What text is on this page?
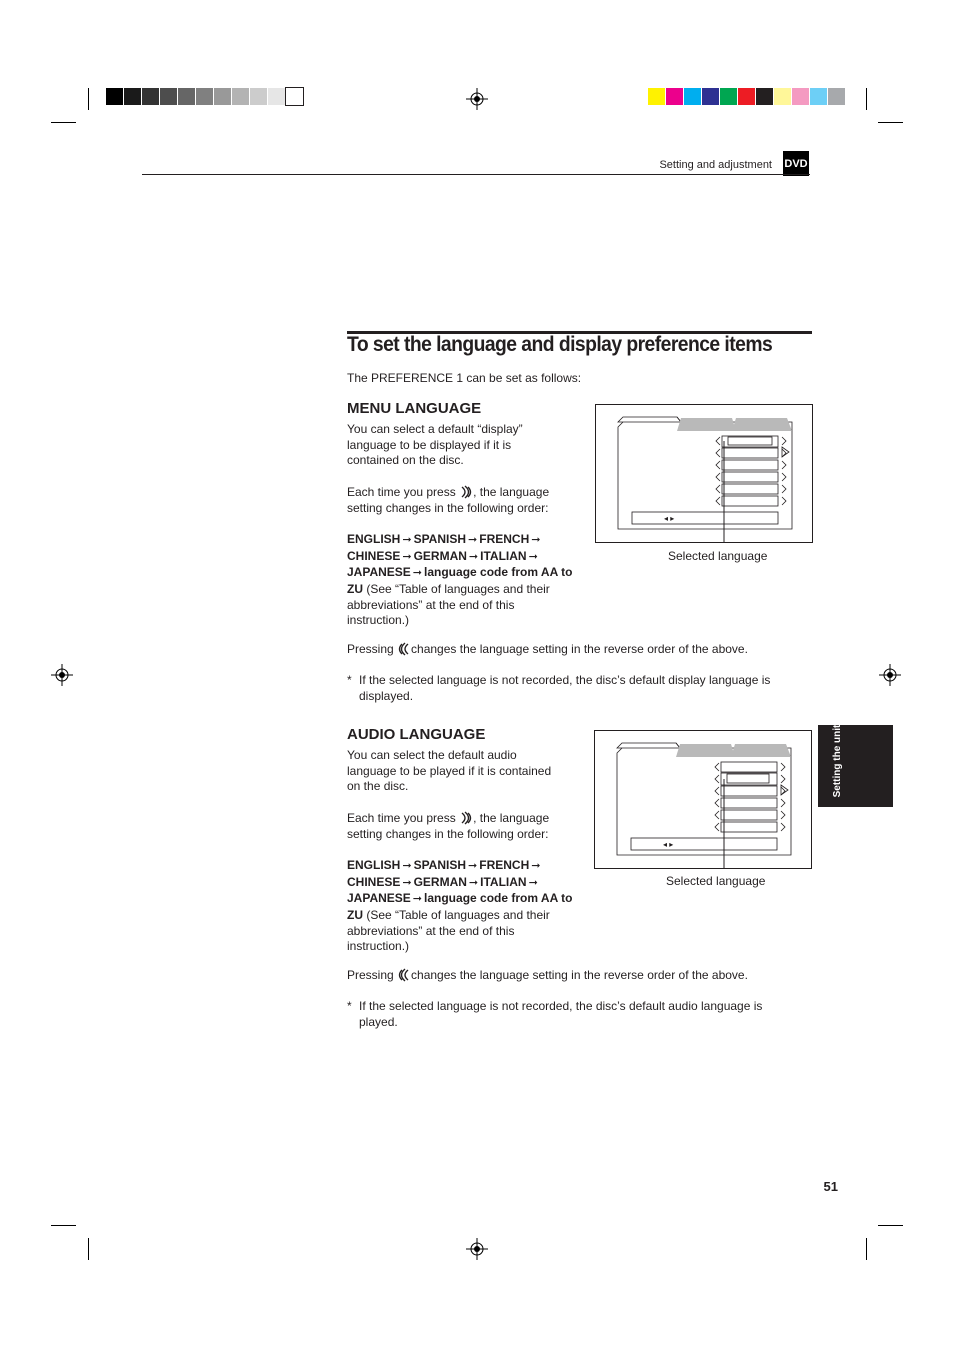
Setting and adjustment DVD
To set the language and display preference items
The PREFERENCE 1 can be set as follows:
MENU LANGUAGE
You can select a default “display”
language to be displayed if it is
contained on the disc.
Each time you press , the language
setting changes in the following order:
ENGLISH ➞ SPANISH ➞ FRENCH ➞
CHINESE ➞ GERMAN ➞ ITALIAN ➞
JAPANESE ➞ language code from AA to
ZU (See “Table of languages and their
abbreviations” at the end of this
instruction.)
Pressing changes the language setting in the reverse order of the above.
* If the selected language is not recorded, the disc’s default display language is
displayed.
◂ ▸
Selected language
AUDIO LANGUAGE
You can select the default audio
language to be played if it is contained
on the disc.
Each time you press , the language
setting changes in the following order:
ENGLISH ➞ SPANISH ➞ FRENCH ➞
CHINESE ➞ GERMAN ➞ ITALIAN ➞
JAPANESE ➞ language code from AA to
ZU (See “Table of languages and their
abbreviations” at the end of this
instruction.)
Pressing changes the language setting in the reverse order of the above.
* If the selected language is not recorded, the disc’s default audio language is
played.
◂ ▸
Selected language
Setting the unit
51
